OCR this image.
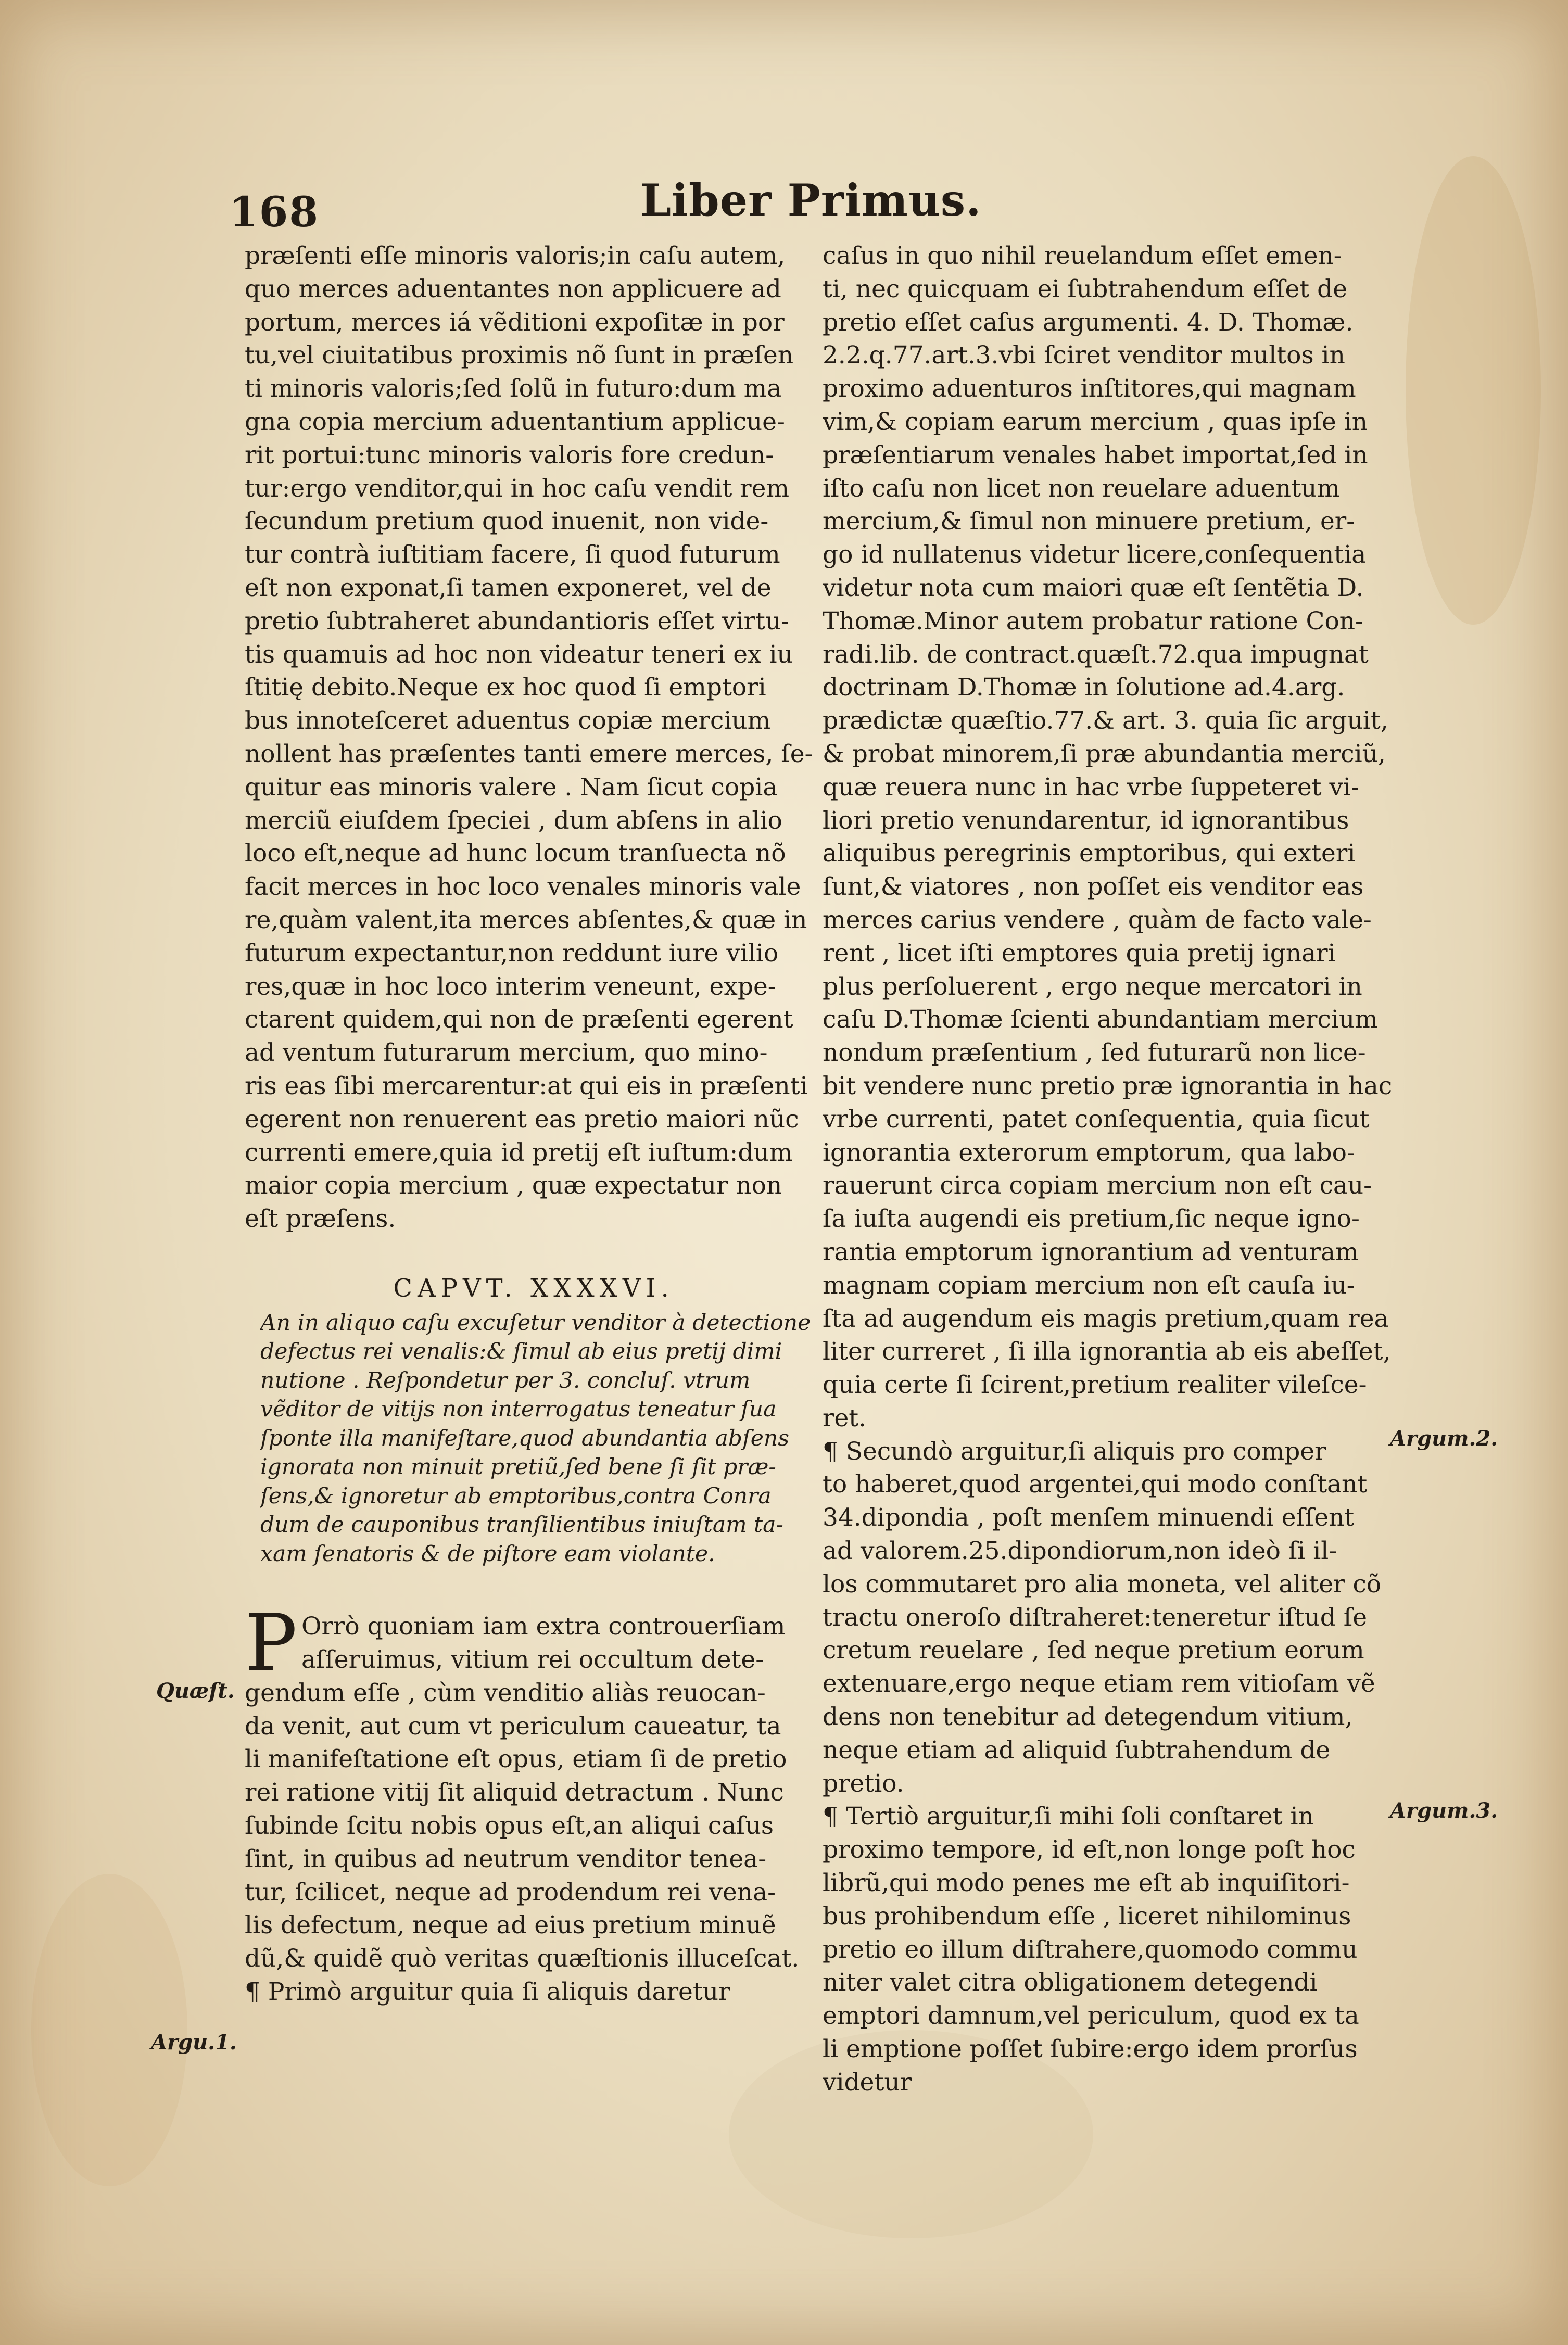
168	Liber Primus.
præſenti eſſe minoris valoris;in caſu autem,
quo merces aduentantes non applicuere ad
portum, merces iá vẽditioni expoſitæ in por
tu,vel ciuitatibus proximis nõ ſunt in præſen
ti minoris valoris;ſed ſolũ in futuro:dum ma
gna copia mercium aduentantium applicue-
rit portui:tunc minoris valoris fore credun-
tur:ergo venditor,qui in hoc caſu vendit rem
ſecundum pretium quod inuenit, non vide-
tur contrà iuſtitiam facere, ſi quod futurum
eſt non exponat,ſi tamen exponeret, vel de
pretio ſubtraheret abundantioris eſſet virtu-
tis quamuis ad hoc non videatur teneri ex iu
ſtitię debito.Neque ex hoc quod ſi emptori
bus innoteſceret aduentus copiæ mercium
nollent has præſentes tanti emere merces, ſe-
quitur eas minoris valere . Nam ſicut copia
merciũ eiuſdem ſpeciei , dum abſens in alio
loco eſt,neque ad hunc locum tranſuecta nõ
facit merces in hoc loco venales minoris vale
re,quàm valent,ita merces abſentes,& quæ in
futurum expectantur,non reddunt iure vilio
res,quæ in hoc loco interim veneunt, expe-
ctarent quidem,qui non de præſenti egerent
ad ventum futurarum mercium, quo mino-
ris eas ſibi mercarentur:at qui eis in præſenti
egerent non renuerent eas pretio maiori nũc
currenti emere,quia id pretij eſt iuſtum:dum
maior copia mercium , quæ expectatur non
eſt præſens.
CAPVT. XXXXVI.
An in aliquo caſu excuſetur venditor à detectione
defectus rei venalis:& ſimul ab eius pretij dimi
nutione . Reſpondetur per 3. concluſ. vtrum
vẽditor de vitijs non interrogatus teneatur ſua
ſponte illa manifeſtare,quod abundantia abſens
ignorata non minuit pretiũ,ſed bene ſi ſit præ-
ſens,& ignoretur ab emptoribus,contra Conra
dum de cauponibus tranſilientibus iniuſtam ta-
xam ſenatoris & de piſtore eam violante.
P Orrò quoniam iam extra controuerſiam
aſſeruimus, vitium rei occultum dete-
gendum eſſe , cùm venditio aliàs reuocan-
da venit, aut cum vt periculum caueatur, ta
li manifeſtatione eſt opus, etiam ſi de pretio
rei ratione vitij ſit aliquid detractum . Nunc
ſubinde ſcitu nobis opus eſt,an aliqui caſus
ſint, in quibus ad neutrum venditor tenea-
tur, ſcilicet, neque ad prodendum rei vena-
lis defectum, neque ad eius pretium minuẽ
dũ,& quidẽ quò veritas quæſtionis illuceſcat.
¶ Primò arguitur quia ſi aliquis daretur
caſus in quo nihil reuelandum eſſet emen-
ti, nec quicquam ei ſubtrahendum eſſet de
pretio eſſet caſus argumenti. 4. D. Thomæ.
2.2.q.77.art.3.vbi ſciret venditor multos in
proximo aduenturos inſtitores,qui magnam
vim,& copiam earum mercium , quas ipſe in
præſentiarum venales habet importat,ſed in
iſto caſu non licet non reuelare aduentum
mercium,& ſimul non minuere pretium, er-
go id nullatenus videtur licere,conſequentia
videtur nota cum maiori quæ eſt ſentẽtia D.
Thomæ.Minor autem probatur ratione Con-
radi.lib. de contract.quæſt.72.qua impugnat
doctrinam D.Thomæ in ſolutione ad.4.arg.
prædictæ quæſtio.77.& art. 3. quia ſic arguit,
& probat minorem,ſi præ abundantia merciũ,
quæ reuera nunc in hac vrbe ſuppeteret vi-
liori pretio venundarentur, id ignorantibus
aliquibus peregrinis emptoribus, qui exteri
ſunt,& viatores , non poſſet eis venditor eas
merces carius vendere , quàm de facto vale-
rent , licet iſti emptores quia pretij ignari
plus perſoluerent , ergo neque mercatori in
caſu D.Thomæ ſcienti abundantiam mercium
nondum præſentium , ſed futurarũ non lice-
bit vendere nunc pretio præ ignorantia in hac
vrbe currenti, patet conſequentia, quia ſicut
ignorantia exterorum emptorum, qua labo-
rauerunt circa copiam mercium non eſt cau-
ſa iuſta augendi eis pretium,ſic neque igno-
rantia emptorum ignorantium ad venturam
magnam copiam mercium non eſt cauſa iu-
ſta ad augendum eis magis pretium,quam rea
liter curreret , ſi illa ignorantia ab eis abeſſet,
quia certe ſi ſcirent,pretium realiter vileſce-
ret.
¶ Secundò arguitur,ſi aliquis pro comper
to haberet,quod argentei,qui modo conſtant
34.dipondia , poſt menſem minuendi eſſent
ad valorem.25.dipondiorum,non ideò ſi il-
los commutaret pro alia moneta, vel aliter cõ
tractu oneroſo diſtraheret:teneretur iſtud ſe
cretum reuelare , ſed neque pretium eorum
extenuare,ergo neque etiam rem vitioſam vẽ
dens non tenebitur ad detegendum vitium,
neque etiam ad aliquid ſubtrahendum de
pretio.
¶ Tertiò arguitur,ſi mihi ſoli conſtaret in
proximo tempore, id eſt,non longe poſt hoc
librũ,qui modo penes me eſt ab inquiſitori-
bus prohibendum eſſe , liceret nihilominus
pretio eo illum diſtrahere,quomodo commu
niter valet citra obligationem detegendi
emptori damnum,vel periculum, quod ex ta
li emptione poſſet ſubire:ergo idem prorſus
videtur
Quæſt.
Argu.1.
Argum.2.
Argum.3.
